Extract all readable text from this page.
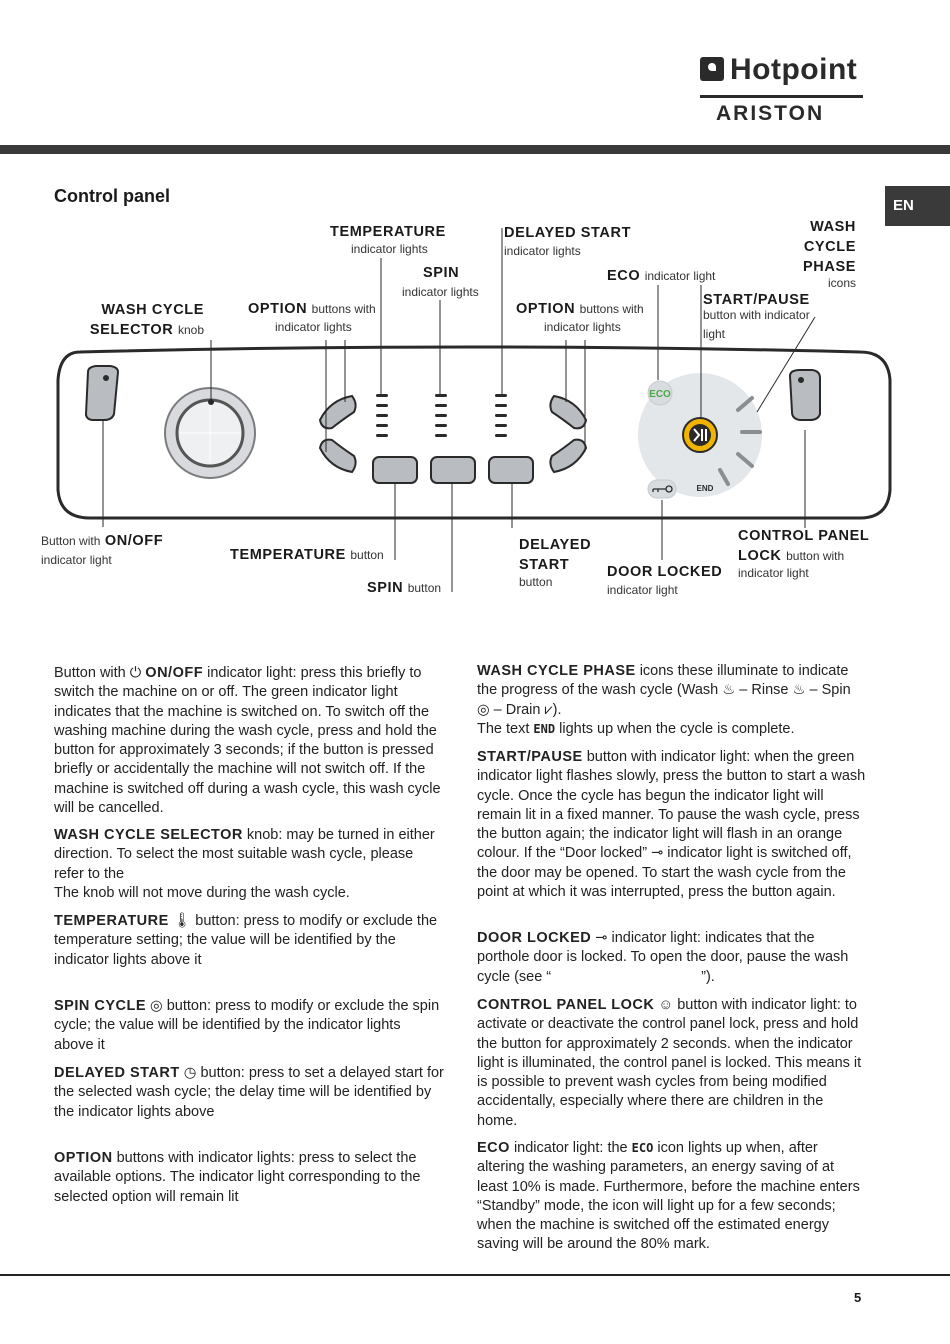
Hotpoint
ARISTON
EN
Control panel
ECO
END
TEMPERATURE
indicator lights
DELAYED START
indicator lights
WASH
CYCLE
PHASE
icons
SPIN
indicator lights
ECO indicator light
START/PAUSE
button with indicator
light
WASH CYCLE
SELECTOR knob
OPTION buttons with
indicator lights
OPTION buttons with
indicator lights
Button with ON/OFF
indicator light	TEMPERATURE button
SPIN button
DELAYED
START
button
DOOR LOCKED
indicator light
CONTROL PANEL
LOCK button with
indicator light
Button with ⏻ ON/OFF indicator light: press this briefly to switch the machine on or off. The green indicator light indicates that the machine is switched on. To switch off the washing machine during the wash cycle, press and hold the button for approximately 3 seconds; if the button is pressed briefly or accidentally the machine will not switch off. If the machine is switched off during a wash cycle, this wash cycle will be cancelled.
WASH CYCLE SELECTOR knob: may be turned in either direction. To select the most suitable wash cycle, please refer to the
The knob will not move during the wash cycle.
TEMPERATURE 🌡 button: press to modify or exclude the temperature setting; the value will be identified by the indicator lights above it
SPIN CYCLE ◎ button: press to modify or exclude the spin cycle; the value will be identified by the indicator lights above it
DELAYED START ◷ button: press to set a delayed start for the selected wash cycle; the delay time will be identified by the indicator lights above
OPTION buttons with indicator lights: press to select the available options. The indicator light corresponding to the selected option will remain lit
WASH CYCLE PHASE icons these illuminate to indicate the progress of the wash cycle (Wash ♨ – Rinse ♨ – Spin ◎ – Drain ⩗).
The text END lights up when the cycle is complete.
START/PAUSE button with indicator light: when the green indicator light flashes slowly, press the button to start a wash cycle. Once the cycle has begun the indicator light will remain lit in a fixed manner. To pause the wash cycle, press the button again; the indicator light will flash in an orange colour. If the “Door locked” ⊸ indicator light is switched off, the door may be opened. To start the wash cycle from the point at which it was interrupted, press the button again.
DOOR LOCKED ⊸ indicator light: indicates that the porthole door is locked. To open the door, pause the wash cycle (see “	”).
CONTROL PANEL LOCK ☺ button with indicator light: to activate or deactivate the control panel lock, press and hold the button for approximately 2 seconds. when the indicator light is illuminated, the control panel is locked. This means it is possible to prevent wash cycles from being modified accidentally, especially where there are children in the home.
ECO indicator light: the ECO icon lights up when, after altering the washing parameters, an energy saving of at least 10% is made. Furthermore, before the machine enters “Standby” mode, the icon will light up for a few seconds; when the machine is switched off the estimated energy saving will be around the 80% mark.
5
